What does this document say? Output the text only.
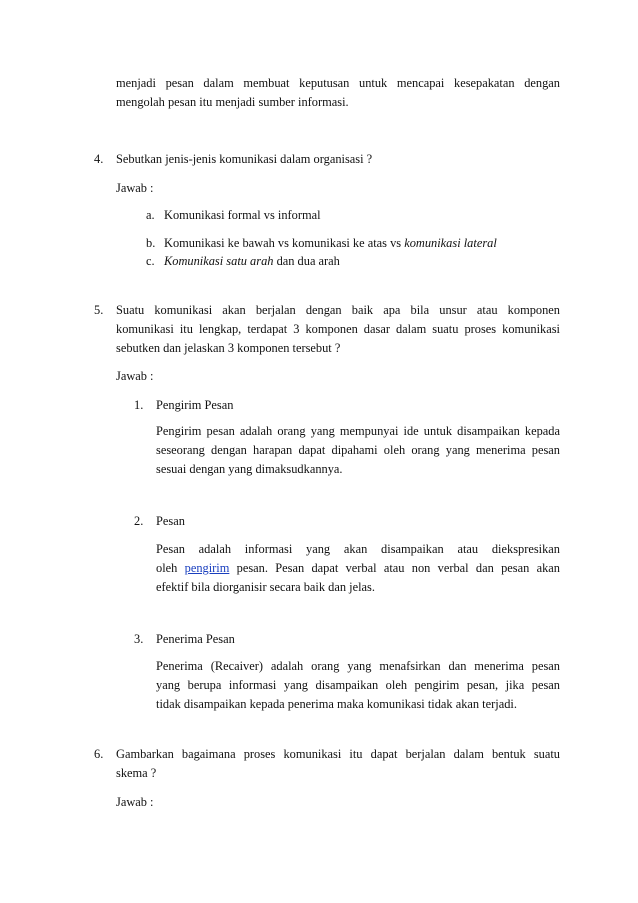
menjadi pesan dalam membuat keputusan untuk mencapai kesepakatan dengan
mengolah pesan itu menjadi sumber informasi.
4. Sebutkan jenis-jenis komunikasi dalam organisasi ?
Jawab :
a. Komunikasi formal vs informal
b. Komunikasi ke bawah vs komunikasi ke atas vs komunikasi lateral
c. Komunikasi satu arah dan dua arah
5. Suatu komunikasi akan berjalan dengan baik apa bila unsur atau komponen
komunikasi itu lengkap, terdapat 3 komponen dasar dalam suatu proses komunikasi
sebutken dan jelaskan 3 komponen tersebut ?
Jawab :
1. Pengirim Pesan
Pengirim pesan adalah orang yang mempunyai ide untuk disampaikan kepada
seseorang dengan harapan dapat dipahami oleh orang yang menerima pesan
sesuai dengan yang dimaksudkannya.
2. Pesan
Pesan adalah informasi yang akan disampaikan atau diekspresikan
oleh pengirim pesan. Pesan dapat verbal atau non verbal dan pesan akan
efektif bila diorganisir secara baik dan jelas.
3. Penerima Pesan
Penerima (Recaiver) adalah orang yang menafsirkan dan menerima pesan
yang berupa informasi yang disampaikan oleh pengirim pesan, jika pesan
tidak disampaikan kepada penerima maka komunikasi tidak akan terjadi.
6. Gambarkan bagaimana proses komunikasi itu dapat berjalan dalam bentuk suatu
skema ?
Jawab :
